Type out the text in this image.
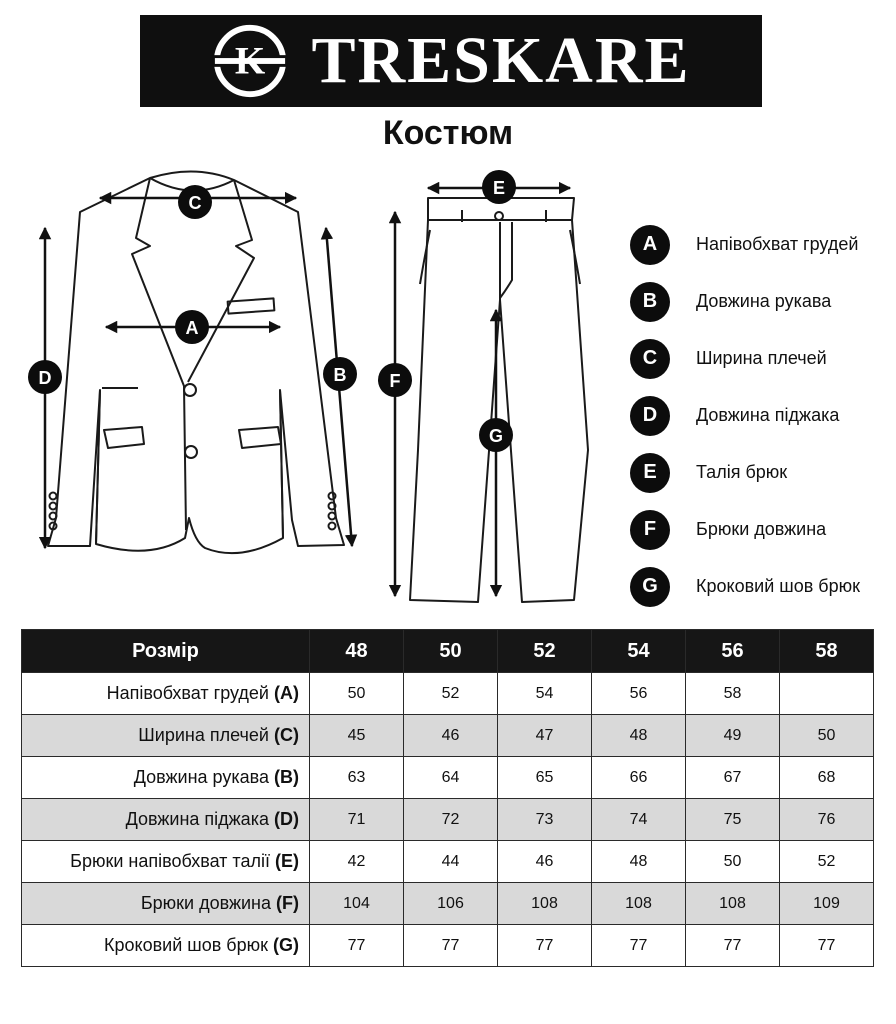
K TRESKARE
Костюм
C
A
D	B
E
F
G
A	Напівобхват грудей
B	Довжина рукава
C	Ширина плечей
D	Довжина піджака
E	Талія брюк
F	Брюки довжина
G	Кроковий шов брюк
Розмір	48	50	52	54	56	58
Напівобхват грудей (A)	50	52	54	56	58	
Ширина плечей (C)	45	46	47	48	49	50
Довжина рукава (B)	63	64	65	66	67	68
Довжина піджака (D)	71	72	73	74	75	76
Брюки напівобхват талії (E)	42	44	46	48	50	52
Брюки довжина (F)	104	106	108	108	108	109
Кроковий шов брюк (G)	77	77	77	77	77	77
